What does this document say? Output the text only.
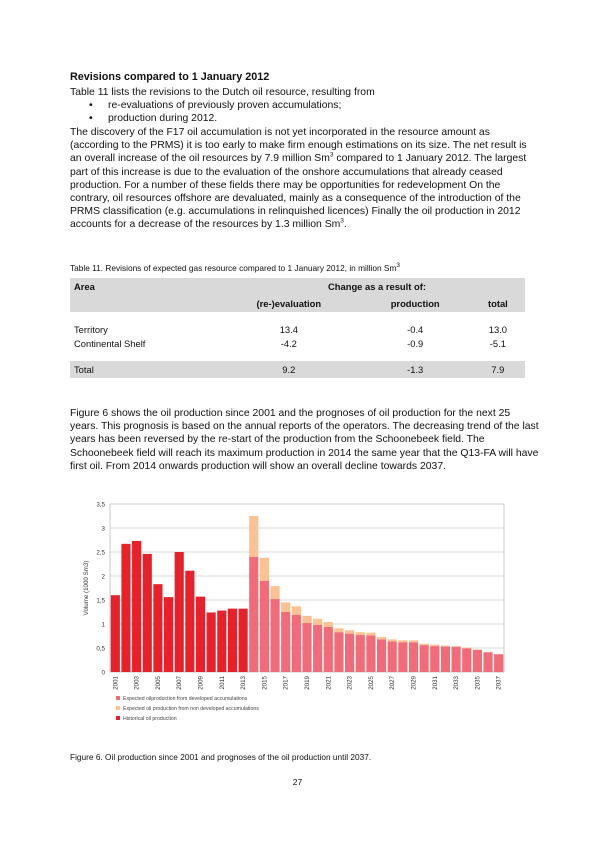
Revisions compared to 1 January 2012
Table 11 lists the revisions to the Dutch oil resource, resulting from
• re-evaluations of previously proven accumulations;
• production during 2012.
The discovery of the F17 oil accumulation is not yet incorporated in the resource amount as (according to the PRMS) it is too early to make firm enough estimations on its size. The net result is an overall increase of the oil resources by 7.9 million Sm$^3$ compared to 1 January 2012. The largest part of this increase is due to the evaluation of the onshore accumulations that already ceased production. For a number of these fields there may be opportunities for redevelopment On the contrary, oil resources offshore are devaluated, mainly as a consequence of the introduction of the PRMS classification (e.g. accumulations in relinquished licences) Finally the oil production in 2012 accounts for a decrease of the resources by 1.3 million Sm$^3$.
Table 11. Revisions of expected gas resource compared to 1 January 2012, in million Sm$^3$
Area	Change as a result of:		
	(re-)evaluation	production	total

Territory	13.4	-0.4	13.0
Continental Shelf	-4.2	-0.9	-5.1

Total	9.2	-1.3	7.9
Figure 6 shows the oil production since 2001 and the prognoses of oil production for the next 25 years. This prognosis is based on the annual reports of the operators. The decreasing trend of the last years has been reversed by the re-start of the production from the Schoonebeek field. The Schoonebeek field will reach its maximum production in 2014 the same year that the Q13-FA will have first oil. From 2014 onwards production will show an overall decline towards 2037.
0
0,5
1
1,5
2
2,5
3
3,5
Volume (1000 Sm3)
2001 2003 2005 2007 2009 2011 2013 2015 2017 2019 2021 2023 2025 2027 2029 2031 2033 2035 2037
Expected oilproduction from developed accumulations
Expected oil production from non developed accumulations
Historical oil production
Figure 6. Oil production since 2001 and prognoses of the oil production until 2037.
27
